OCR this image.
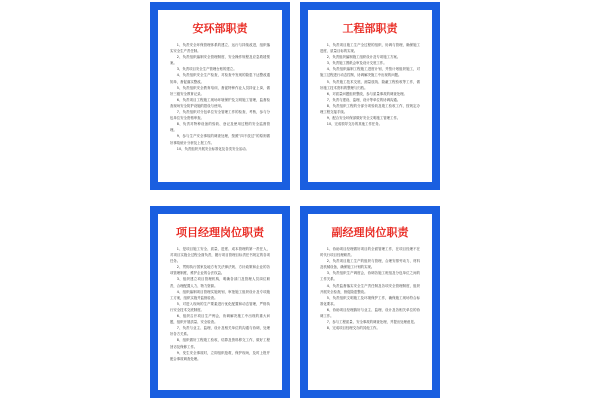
安环部职责

1、负责安全环保管理体系的建立、运行与持续改进，组织落实安全生产责任制。

2、负责组织编制安全管理制度、安全操作规程及应急救援预案。

3、负责项目安全生产管理台账的建立。

4、负责组织安全生产检查，对检查中发现的隐患下达整改通知单，督促落实整改。

5、负责组织安全教育培训，督促特种作业人员持证上岗，做好三级安全教育记录。

6、负责项目工程施工现场环境保护及文明施工管理，监督检查现场安全防护设施的搭设与使用。

7、负责组织对分包单位安全管理工作的检查、考核，参与分包单位安全资格审查。

8、负责对特种设备的验收、登记及使用过程的安全监督管理。

9、参与生产安全事故的调查处理，按照“四不放过”的原则做好事故统计分析及上报工作。

10、负责组织开展安全标准化及各类安全活动。

工程部职责

1、负责项目施工生产全过程的组织、协调与管理，确保施工进度、质量目标的实现。

2、负责组织编制施工组织设计及专项施工方案。

3、负责施工图纸会审及设计交底工作。

4、负责组织编制工程施工进度计划，并按计划组织施工，对施工过程进行动态控制，协调解决施工中出现的问题。

5、负责施工技术交底、测量放线、隐蔽工程验收等工作，做好施工技术资料的整理与归档。

6、对质量问题组织整改，参与质量事故的调查处理。

7、负责与建设、监理、设计等单位的协调沟通。

8、负责组织工程的分部分项验收及竣工验收工作，按规定办理工程交接手续。

9、配合安全环保部做好安全文明施工管理工作。

10、完成领导交办的其他工作任务。

项目经理岗位职责

1、是项目施工安全、质量、进度、成本管理的第一责任人，对项目实施全过程全面负责，履行项目管理目标责任书规定的各项任务。

2、贯彻执行国家及地方有关法律法规、方针政策和企业的各项管理制度，维护企业的合法权益。

3、组织建立项目管理机构，明确各部门及管理人员岗位职责，合理配置人力、物力资源。

4、组织编制项目管理实施规划，审批施工组织设计及专项施工方案，组织实施并监督检查。

5、对进入现场的生产要素进行优化配置和动态管理，严格执行安全技术交底制度。

6、组织召开项目生产例会，协调解决施工中出现的重大问题，组织开展质量、安全检查。

7、负责与业主、监理、设计及相关单位的沟通与协调，处理好各方关系。

8、组织做好工程竣工验收、结算及资料移交工作，做好工程回访及保修工作。

9、发生安全事故时，立即组织抢救，保护现场，及时上报并配合事故调查处理。

副经理岗位职责

1、协助项目经理做好项目的全面管理工作，在项目经理不在时代行项目经理职责。

2、负责项目施工生产的组织与管理，合理安排劳动力、材料及机械设备，确保施工计划的实现。

3、负责组织生产调度会，协调各施工班组及分包单位之间的工作关系。

4、负责监督落实安全生产责任制及各项安全管理制度，组织开展安全检查，督促隐患整改。

5、负责组织文明施工及环境保护工作，确保施工现场符合标准化要求。

6、协助项目经理搞好与业主、监理、设计及各相关单位的协调工作。

7、参与工程质量、安全事故的调查处理，并提出处理意见。

8、完成项目经理交办的其他工作。
